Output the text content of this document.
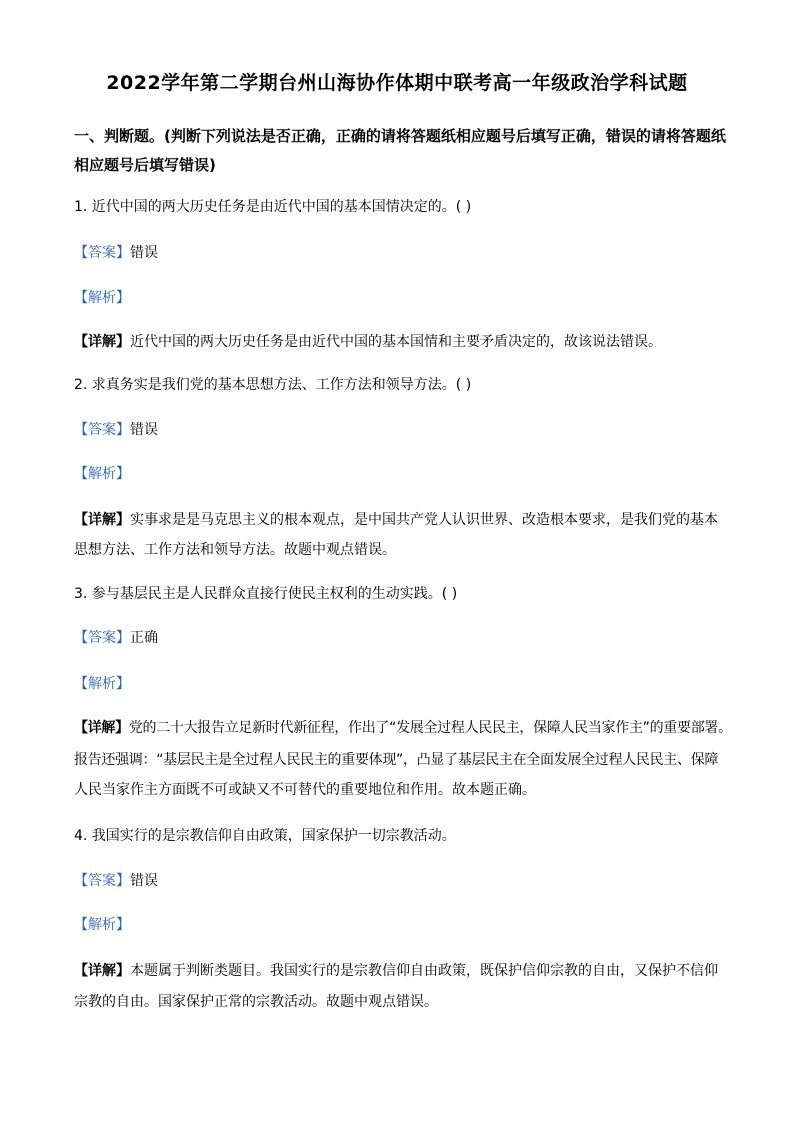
2022学年第二学期台州山海协作体期中联考高一年级政治学科试题
一、判断题。(判断下列说法是否正确，正确的请将答题纸相应题号后填写正确，错误的请将答题纸相应题号后填写错误)
1. 近代中国的两大历史任务是由近代中国的基本国情决定的。( )
【答案】错误
【解析】
【详解】近代中国的两大历史任务是由近代中国的基本国情和主要矛盾决定的，故该说法错误。
2. 求真务实是我们党的基本思想方法、工作方法和领导方法。( )
【答案】错误
【解析】
【详解】实事求是是马克思主义的根本观点，是中国共产党人认识世界、改造根本要求，是我们党的基本
思想方法、工作方法和领导方法。故题中观点错误。
3. 参与基层民主是人民群众直接行使民主权利的生动实践。( )
【答案】正确
【解析】
【详解】党的二十大报告立足新时代新征程，作出了“发展全过程人民民主，保障人民当家作主”的重要部署。
报告还强调：“基层民主是全过程人民民主的重要体现”，凸显了基层民主在全面发展全过程人民民主、保障
人民当家作主方面既不可或缺又不可替代的重要地位和作用。故本题正确。
4. 我国实行的是宗教信仰自由政策，国家保护一切宗教活动。
【答案】错误
【解析】
【详解】本题属于判断类题目。我国实行的是宗教信仰自由政策，既保护信仰宗教的自由，又保护不信仰
宗教的自由。国家保护正常的宗教活动。故题中观点错误。
